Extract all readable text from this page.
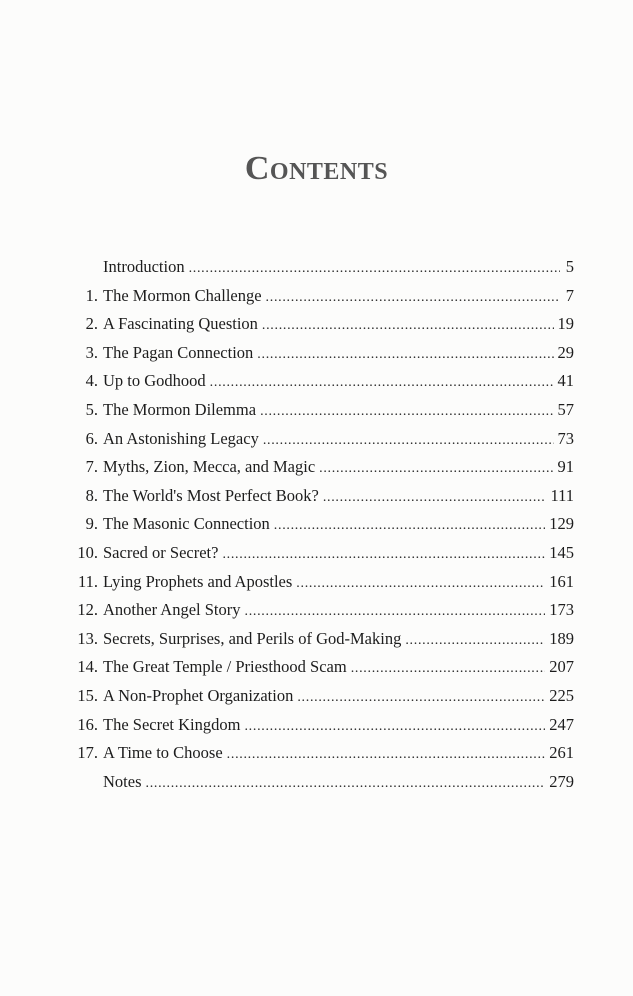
Contents
Introduction . . .	5
1. The Mormon Challenge . . .	7
2. A Fascinating Question . . .	19
3. The Pagan Connection . . .	29
4. Up to Godhood . . .	41
5. The Mormon Dilemma . . .	57
6. An Astonishing Legacy . . .	73
7. Myths, Zion, Mecca, and Magic . . .	91
8. The World's Most Perfect Book? . . .	111
9. The Masonic Connection . . .	129
10. Sacred or Secret? . . .	145
11. Lying Prophets and Apostles . . .	161
12. Another Angel Story . . .	173
13. Secrets, Surprises, and Perils of God-Making . . .	189
14. The Great Temple / Priesthood Scam . . .	207
15. A Non-Prophet Organization . . .	225
16. The Secret Kingdom . . .	247
17. A Time to Choose . . .	261
Notes . . .	279
